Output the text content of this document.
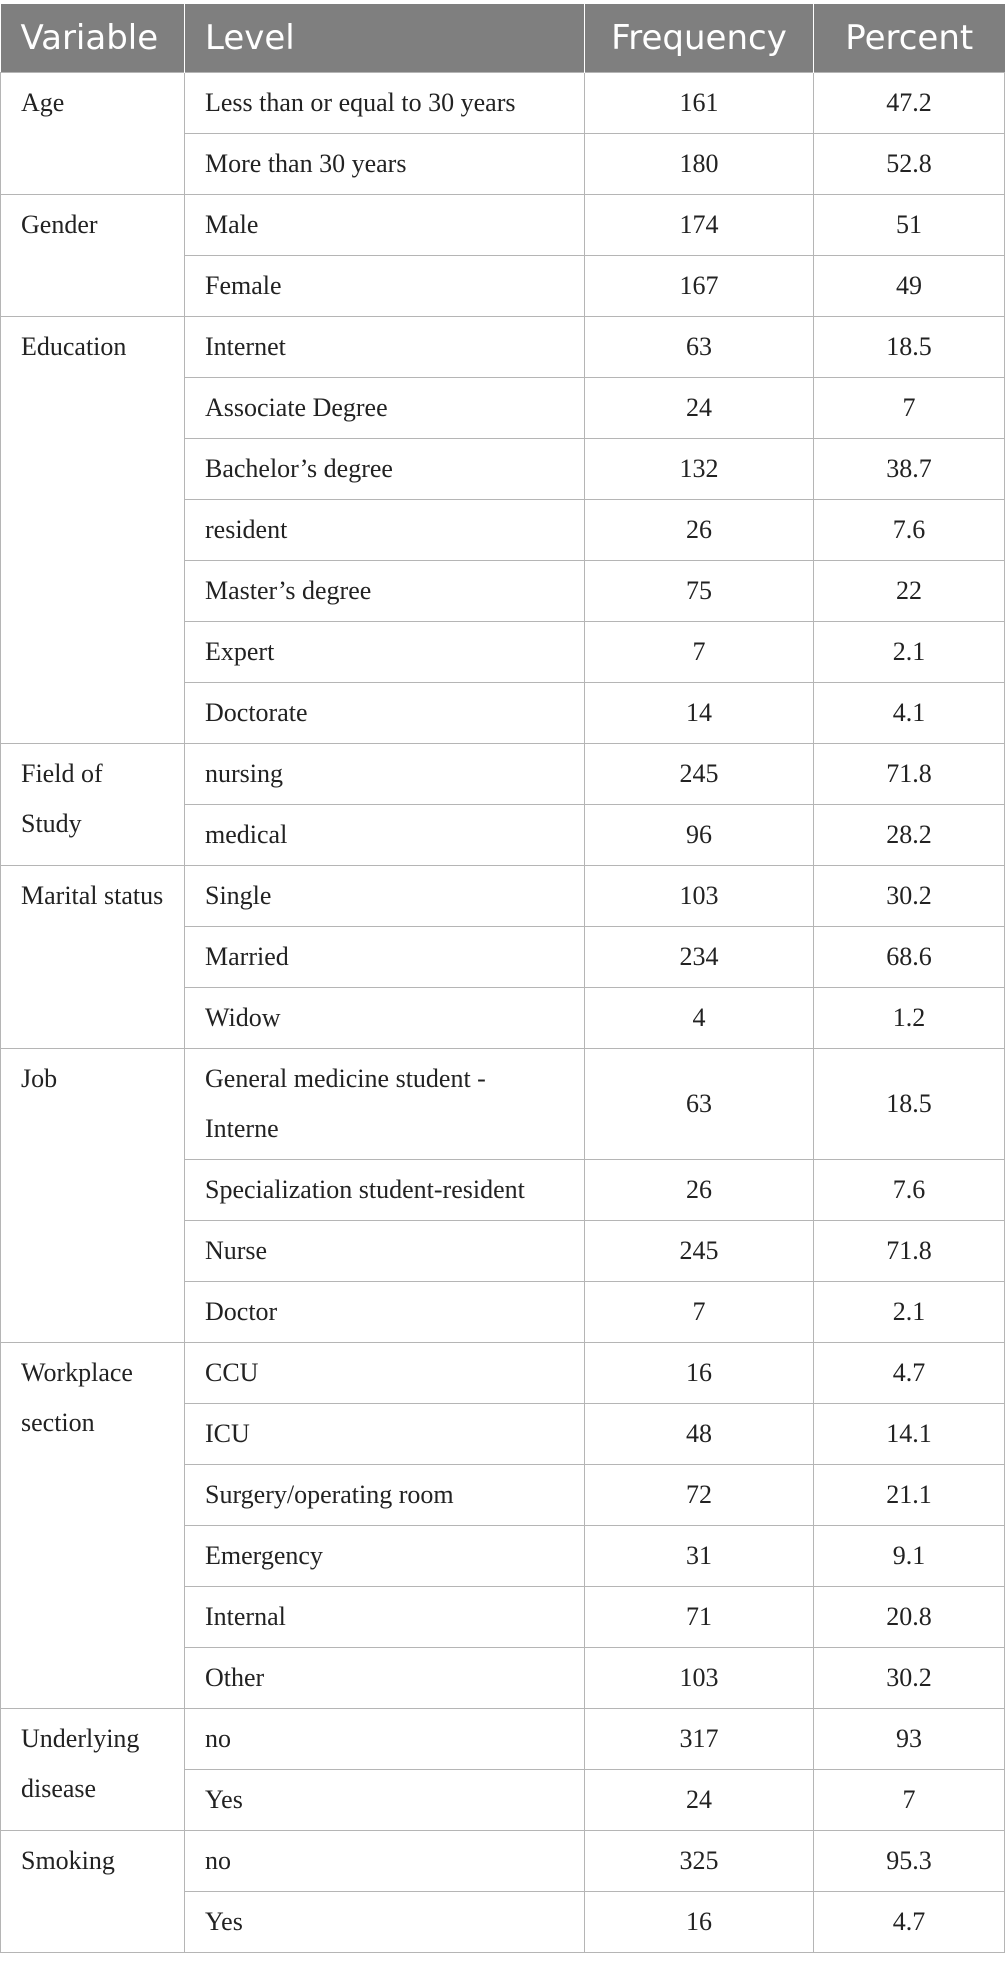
Variable	Level	Frequency	Percent
Age	Less than or equal to 30 years	161	47.2
	More than 30 years	180	52.8
Gender	Male	174	51
	Female	167	49
Education	Internet	63	18.5
	Associate Degree	24	7
	Bachelor’s degree	132	38.7
	resident	26	7.6
	Master’s degree	75	22
	Expert	7	2.1
	Doctorate	14	4.1
Field of Study	nursing	245	71.8
	medical	96	28.2
Marital status	Single	103	30.2
	Married	234	68.6
	Widow	4	1.2
Job	General medicine student - Interne	63	18.5
	Specialization student-resident	26	7.6
	Nurse	245	71.8
	Doctor	7	2.1
Workplace section	CCU	16	4.7
	ICU	48	14.1
	Surgery/operating room	72	21.1
	Emergency	31	9.1
	Internal	71	20.8
	Other	103	30.2
Underlying disease	no	317	93
	Yes	24	7
Smoking	no	325	95.3
	Yes	16	4.7
